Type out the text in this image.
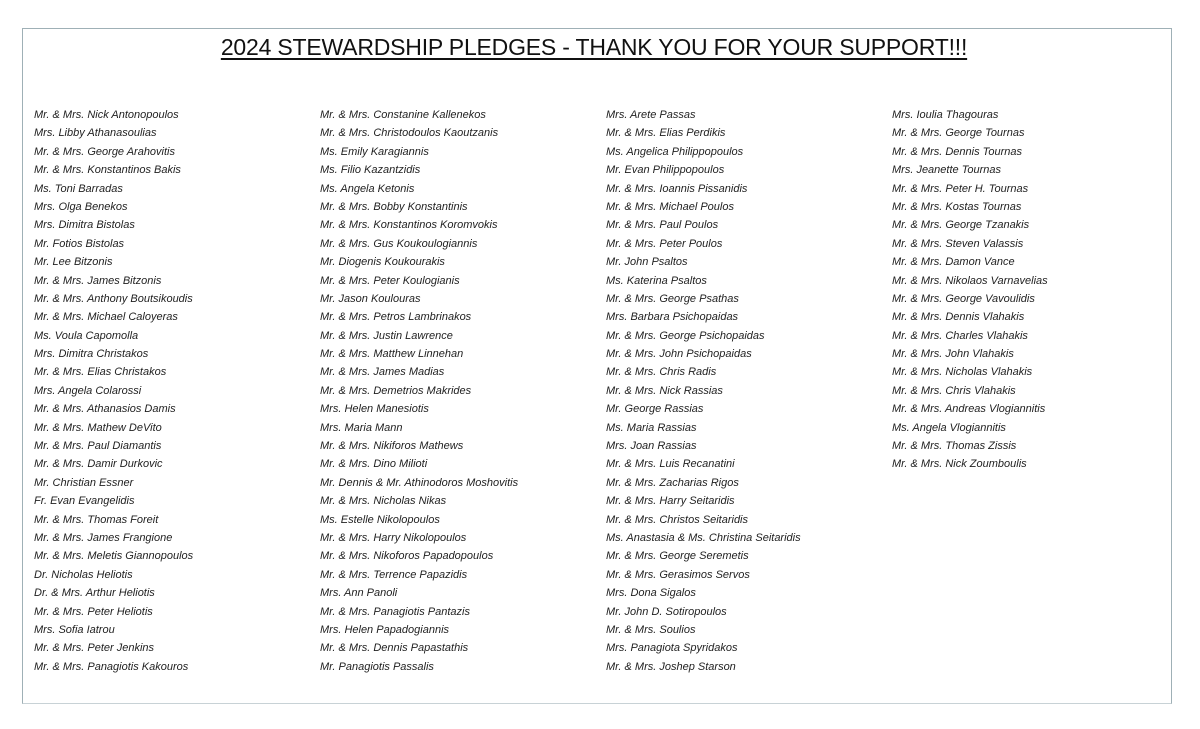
2024 STEWARDSHIP PLEDGES - THANK YOU FOR YOUR SUPPORT!!!
Mr. & Mrs. Nick Antonopoulos
Mrs. Libby Athanasoulias
Mr. & Mrs. George Arahovitis
Mr. & Mrs. Konstantinos Bakis
Ms. Toni Barradas
Mrs. Olga Benekos
Mrs. Dimitra Bistolas
Mr. Fotios Bistolas
Mr. Lee Bitzonis
Mr. & Mrs. James Bitzonis
Mr. & Mrs. Anthony Boutsikoudis
Mr. & Mrs. Michael Caloyeras
Ms. Voula Capomolla
Mrs. Dimitra Christakos
Mr. & Mrs. Elias Christakos
Mrs. Angela Colarossi
Mr. & Mrs. Athanasios Damis
Mr. & Mrs. Mathew DeVito
Mr. & Mrs. Paul Diamantis
Mr. & Mrs. Damir Durkovic
Mr. Christian Essner
Fr. Evan Evangelidis
Mr. & Mrs. Thomas Foreit
Mr. & Mrs. James Frangione
Mr. & Mrs. Meletis Giannopoulos
Dr. Nicholas Heliotis
Dr. & Mrs. Arthur Heliotis
Mr. & Mrs. Peter Heliotis
Mrs. Sofia Iatrou
Mr. & Mrs. Peter Jenkins
Mr. & Mrs. Panagiotis Kakouros
Mr. & Mrs. Constanine Kallenekos
Mr. & Mrs. Christodoulos Kaoutzanis
Ms. Emily Karagiannis
Ms. Filio Kazantzidis
Ms. Angela Ketonis
Mr. & Mrs. Bobby Konstantinis
Mr. & Mrs. Konstantinos Koromvokis
Mr. & Mrs. Gus Koukoulogiannis
Mr. Diogenis Koukourakis
Mr. & Mrs. Peter Koulogianis
Mr. Jason Koulouras
Mr. & Mrs. Petros Lambrinakos
Mr. & Mrs. Justin Lawrence
Mr. & Mrs. Matthew Linnehan
Mr. & Mrs. James Madias
Mr. & Mrs. Demetrios Makrides
Mrs. Helen Manesiotis
Mrs. Maria Mann
Mr. & Mrs. Nikiforos Mathews
Mr. & Mrs. Dino Milioti
Mr. Dennis & Mr. Athinodoros Moshovitis
Mr. & Mrs. Nicholas Nikas
Ms. Estelle Nikolopoulos
Mr. & Mrs. Harry Nikolopoulos
Mr. & Mrs. Nikoforos Papadopoulos
Mr. & Mrs. Terrence Papazidis
Mrs. Ann Panoli
Mr. & Mrs. Panagiotis Pantazis
Mrs. Helen Papadogiannis
Mr. & Mrs. Dennis Papastathis
Mr. Panagiotis Passalis
Mrs. Arete Passas
Mr. & Mrs. Elias Perdikis
Ms. Angelica Philippopoulos
Mr. Evan Philippopoulos
Mr. & Mrs. Ioannis Pissanidis
Mr. & Mrs. Michael Poulos
Mr. & Mrs. Paul Poulos
Mr. & Mrs. Peter Poulos
Mr. John Psaltos
Ms. Katerina Psaltos
Mr. & Mrs. George Psathas
Mrs. Barbara Psichopaidas
Mr. & Mrs. George Psichopaidas
Mr. & Mrs. John Psichopaidas
Mr. & Mrs. Chris Radis
Mr. & Mrs. Nick Rassias
Mr. George Rassias
Ms. Maria Rassias
Mrs. Joan Rassias
Mr. & Mrs. Luis Recanatini
Mr. & Mrs. Zacharias Rigos
Mr. & Mrs. Harry Seitaridis
Mr. & Mrs. Christos Seitaridis
Ms. Anastasia & Ms. Christina Seitaridis
Mr. & Mrs. George Seremetis
Mr. & Mrs. Gerasimos Servos
Mrs. Dona Sigalos
Mr. John D. Sotiropoulos
Mr. & Mrs. Soulios
Mrs. Panagiota Spyridakos
Mr. & Mrs. Joshep Starson
Mrs. Ioulia Thagouras
Mr. & Mrs. George Tournas
Mr. & Mrs. Dennis Tournas
Mrs. Jeanette Tournas
Mr. & Mrs. Peter H. Tournas
Mr. & Mrs. Kostas Tournas
Mr. & Mrs. George Tzanakis
Mr. & Mrs. Steven Valassis
Mr. & Mrs. Damon Vance
Mr. & Mrs. Nikolaos Varnavelias
Mr. & Mrs. George Vavoulidis
Mr. & Mrs. Dennis Vlahakis
Mr. & Mrs. Charles Vlahakis
Mr. & Mrs. John Vlahakis
Mr. & Mrs. Nicholas Vlahakis
Mr. & Mrs. Chris Vlahakis
Mr. & Mrs. Andreas Vlogiannitis
Ms. Angela Vlogiannitis
Mr. & Mrs. Thomas Zissis
Mr. & Mrs. Nick Zoumboulis
